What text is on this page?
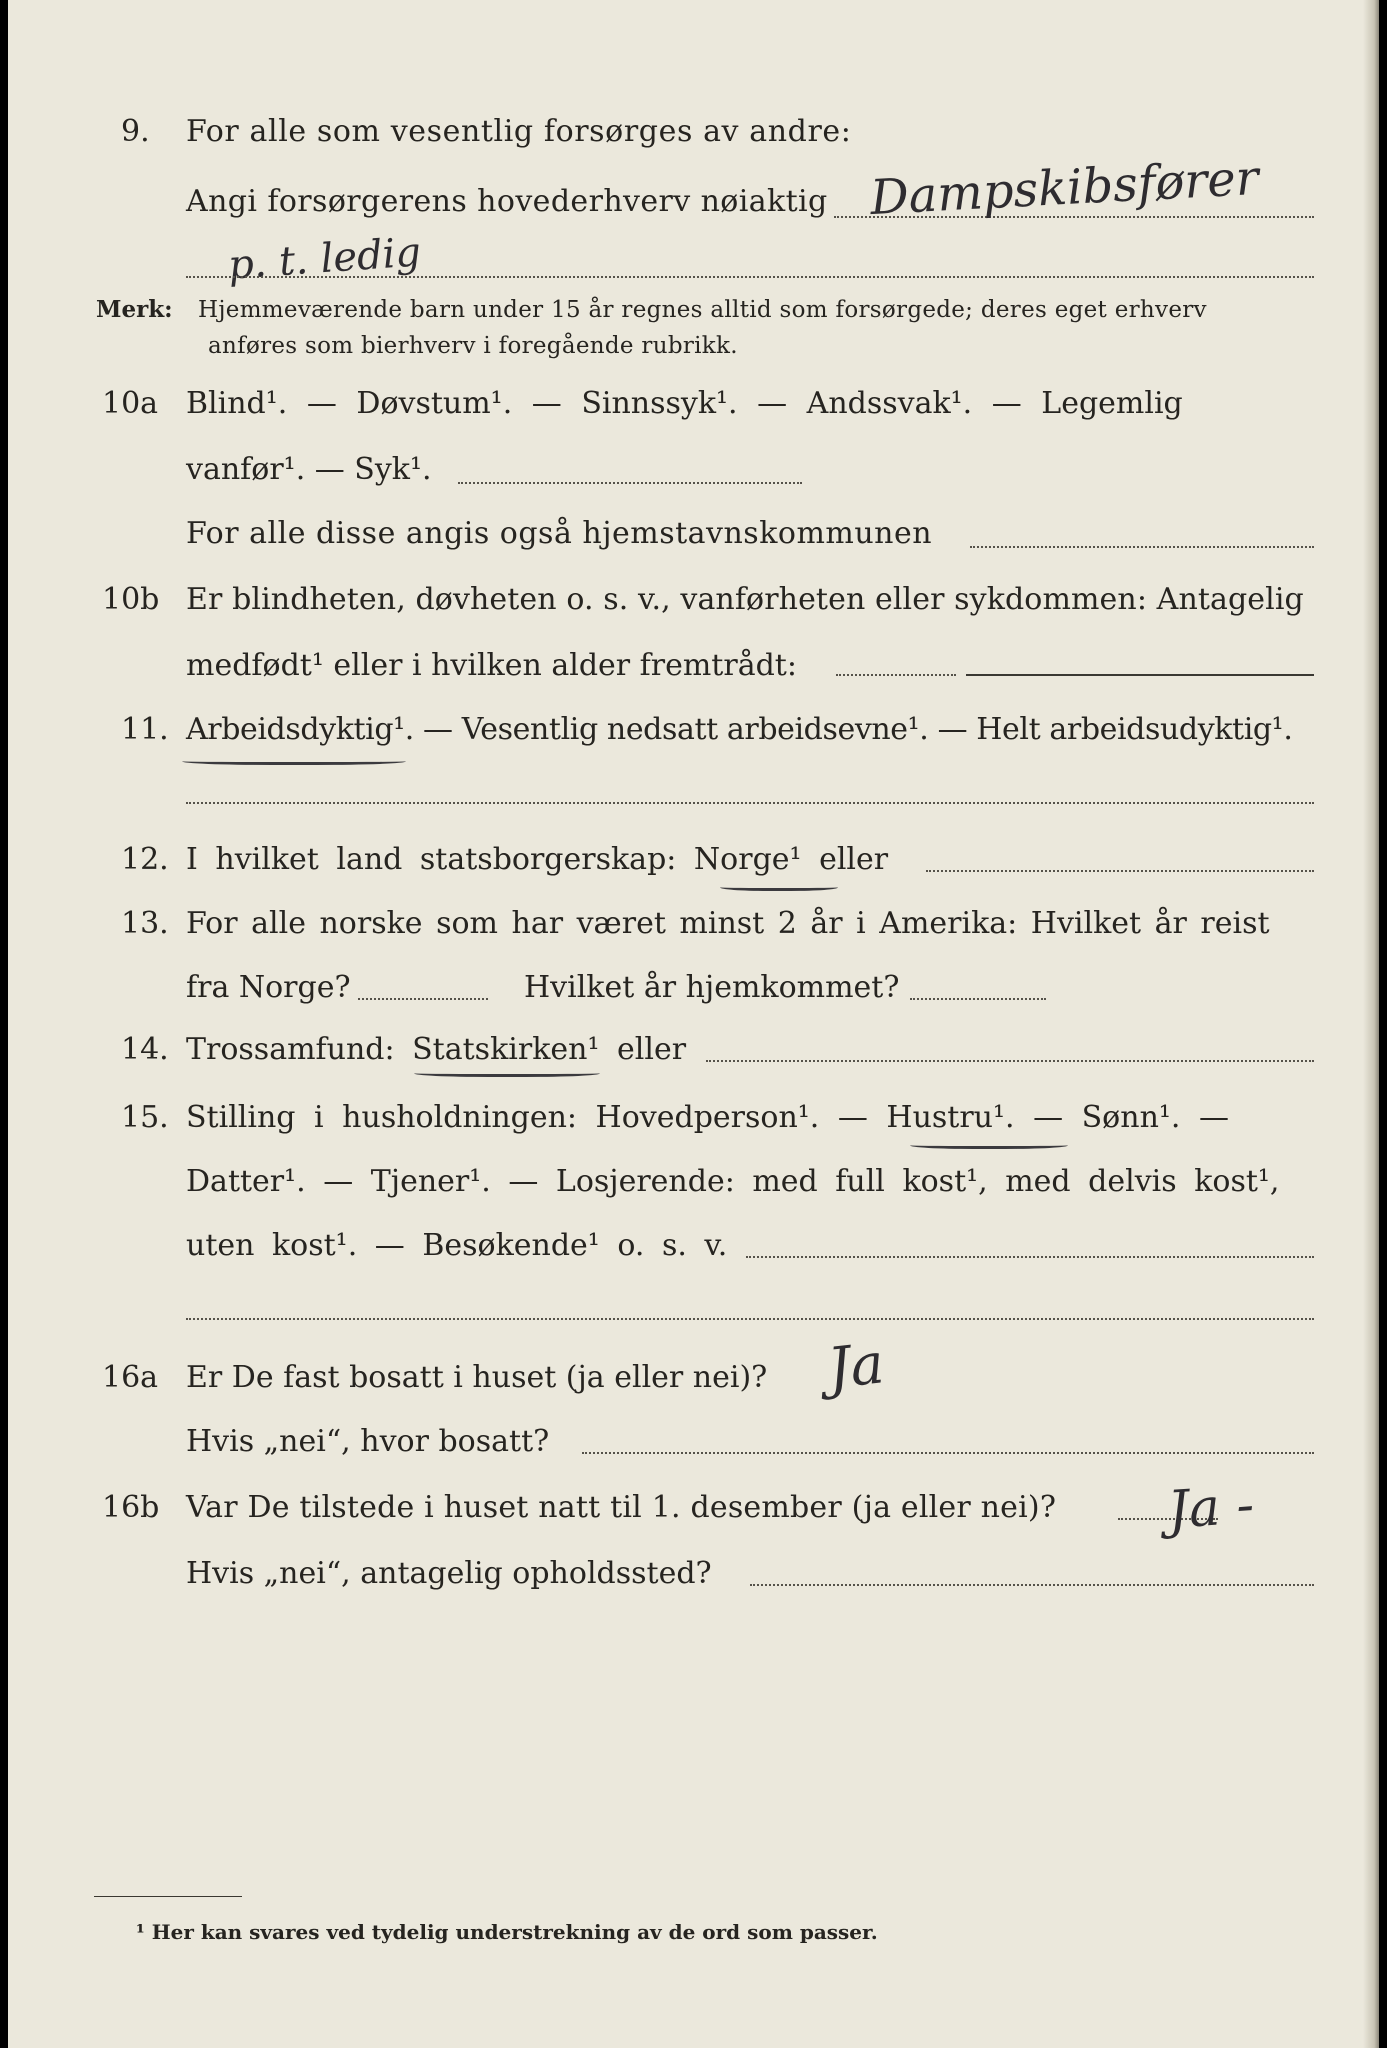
9. For alle som vesentlig forsørges av andre:
Angi forsørgerens hovederhverv nøiaktig Dampskibsfører
p. t. ledig
Merk: Hjemmeværende barn under 15 år regnes alltid som forsørgede; deres eget erhverv
anføres som bierhverv i foregående rubrikk.
10a Blind¹. — Døvstum¹. — Sinnssyk¹. — Andssvak¹. — Legemlig
vanfør¹. — Syk¹.
For alle disse angis også hjemstavnskommunen
10b Er blindheten, døvheten o. s. v., vanførheten eller sykdommen: Antagelig
medfødt¹ eller i hvilken alder fremtrådt:
11. Arbeidsdyktig¹. — Vesentlig nedsatt arbeidsevne¹. — Helt arbeidsudyktig¹.
12. I hvilket land statsborgerskap: Norge¹ eller
13. For alle norske som har været minst 2 år i Amerika: Hvilket år reist
fra Norge?	Hvilket år hjemkommet?
14. Trossamfund: Statskirken¹ eller
15. Stilling i husholdningen: Hovedperson¹. — Hustru¹. — Sønn¹. —
Datter¹. — Tjener¹. — Losjerende: med full kost¹, med delvis kost¹,
uten kost¹. — Besøkende¹ o. s. v.
16a Er De fast bosatt i huset (ja eller nei)? Ja
Hvis „nei“, hvor bosatt?
16b Var De tilstede i huset natt til 1. desember (ja eller nei)? Ja -
Hvis „nei“, antagelig opholdssted?
¹ Her kan svares ved tydelig understrekning av de ord som passer.
